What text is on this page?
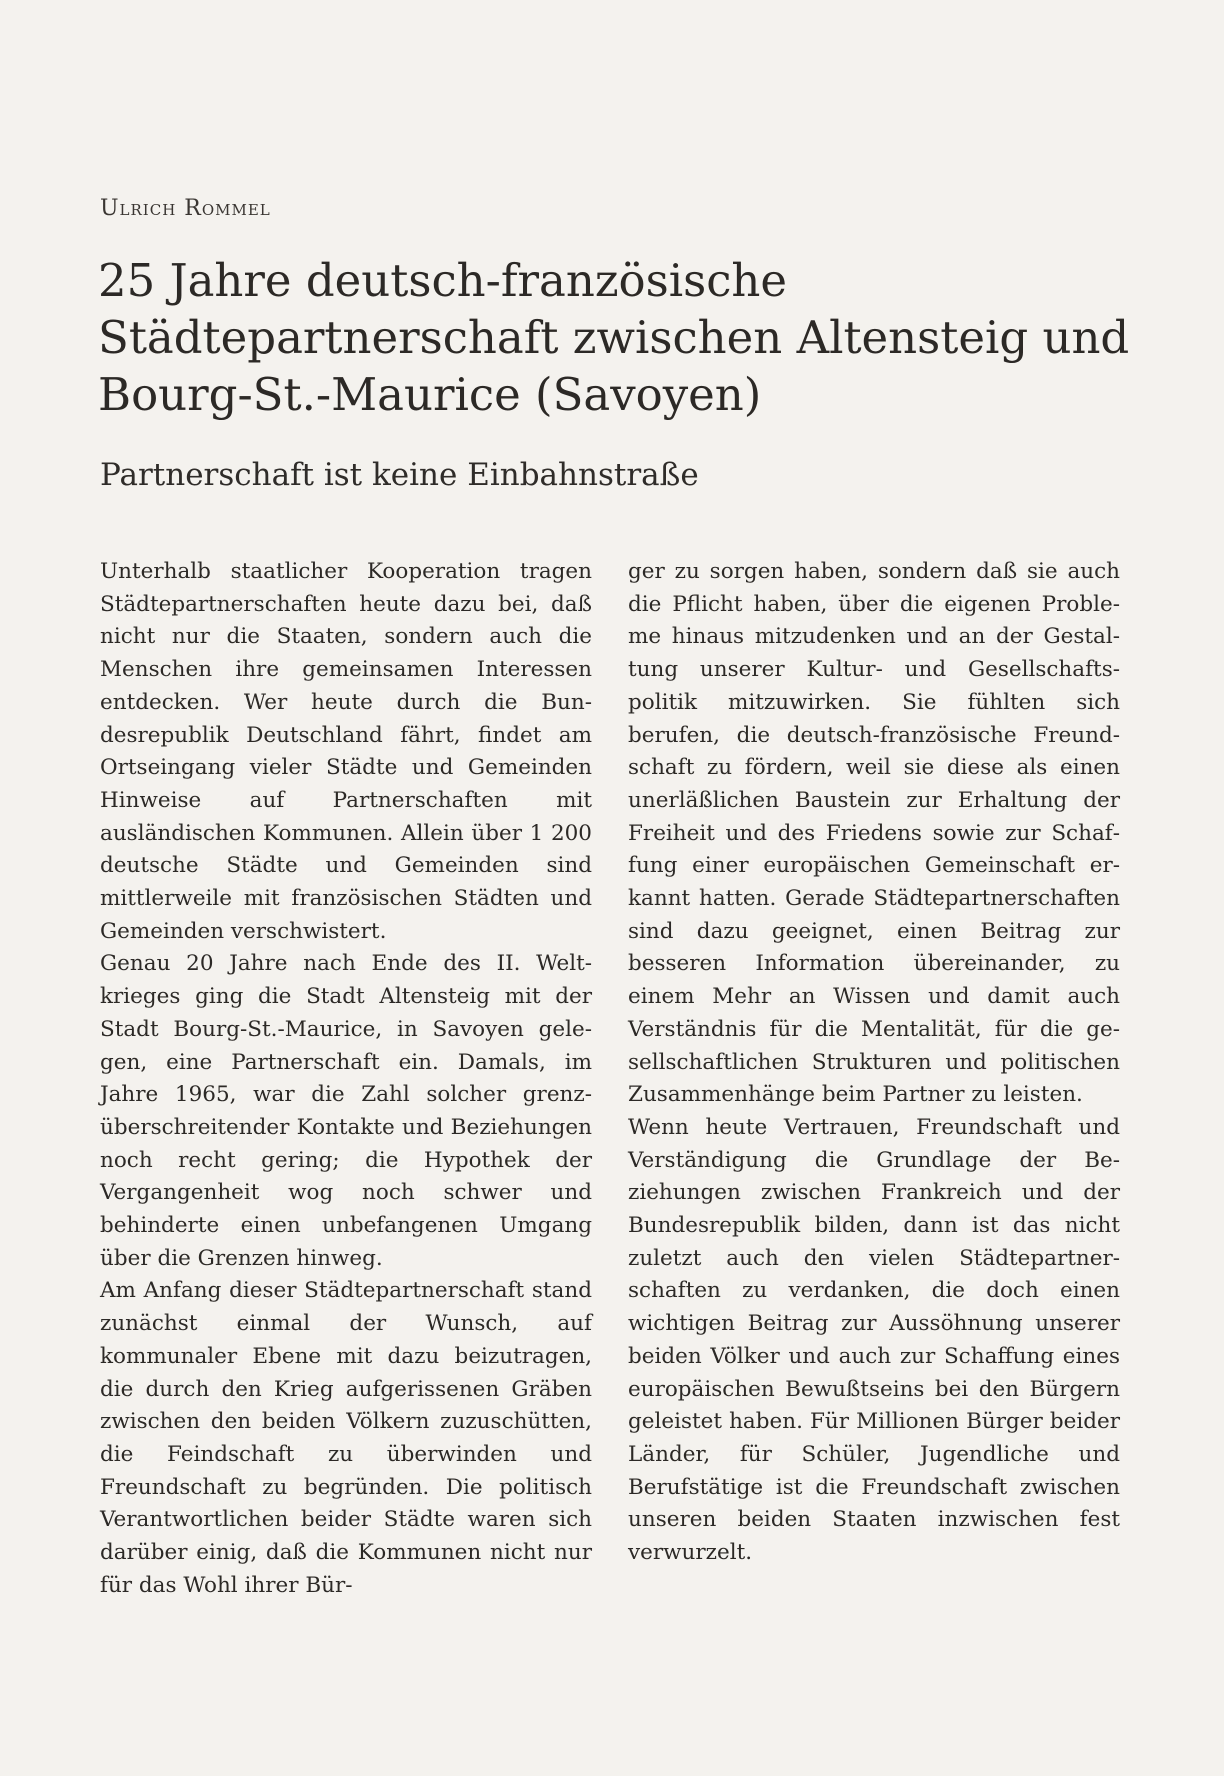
Ulrich Rommel
25 Jahre deutsch-französische
Städtepartnerschaft zwischen Altensteig und
Bourg-St.-Maurice (Savoyen)
Partnerschaft ist keine Einbahnstraße

Unterhalb staatlicher Kooperation tragen Städtepartnerschaften heute dazu bei, daß nicht nur die Staaten, sondern auch die Menschen ihre gemeinsamen Interessen entdecken. Wer heute durch die Bundesrepublik Deutschland fährt, findet am Ortseingang vieler Städte und Gemeinden Hinweise auf Partnerschaften mit ausländischen Kommunen. Allein über 1 200 deutsche Städte und Gemeinden sind mittlerweile mit französischen Städten und Gemeinden verschwistert.

Genau 20 Jahre nach Ende des II. Weltkrieges ging die Stadt Altensteig mit der Stadt Bourg-St.-Maurice, in Savoyen gelegen, eine Partnerschaft ein. Damals, im Jahre 1965, war die Zahl solcher grenzüberschreitender Kontakte und Beziehungen noch recht gering; die Hypothek der Vergangenheit wog noch schwer und behinderte einen unbefangenen Umgang über die Grenzen hinweg.

Am Anfang dieser Städtepartnerschaft stand zunächst einmal der Wunsch, auf kommunaler Ebene mit dazu beizutragen, die durch den Krieg aufgerissenen Gräben zwischen den beiden Völkern zuzuschütten, die Feindschaft zu überwinden und Freundschaft zu begründen. Die politisch Verantwortlichen beider Städte waren sich darüber einig, daß die Kommunen nicht nur für das Wohl ihrer Bür-

ger zu sorgen haben, sondern daß sie auch die Pflicht haben, über die eigenen Probleme hinaus mitzudenken und an der Gestaltung unserer Kultur- und Gesellschaftspolitik mitzuwirken. Sie fühlten sich berufen, die deutsch-französische Freundschaft zu fördern, weil sie diese als einen unerläßlichen Baustein zur Erhaltung der Freiheit und des Friedens sowie zur Schaffung einer europäischen Gemeinschaft erkannt hatten. Gerade Städtepartnerschaften sind dazu geeignet, einen Beitrag zur besseren Information übereinander, zu einem Mehr an Wissen und damit auch Verständnis für die Mentalität, für die gesellschaftlichen Strukturen und politischen Zusammenhänge beim Partner zu leisten.

Wenn heute Vertrauen, Freundschaft und Verständigung die Grundlage der Beziehungen zwischen Frankreich und der Bundesrepublik bilden, dann ist das nicht zuletzt auch den vielen Städtepartnerschaften zu verdanken, die doch einen wichtigen Beitrag zur Aussöhnung unserer beiden Völker und auch zur Schaffung eines europäischen Bewußtseins bei den Bürgern geleistet haben. Für Millionen Bürger beider Länder, für Schüler, Jugendliche und Berufstätige ist die Freundschaft zwischen unseren beiden Staaten inzwischen fest verwurzelt.
